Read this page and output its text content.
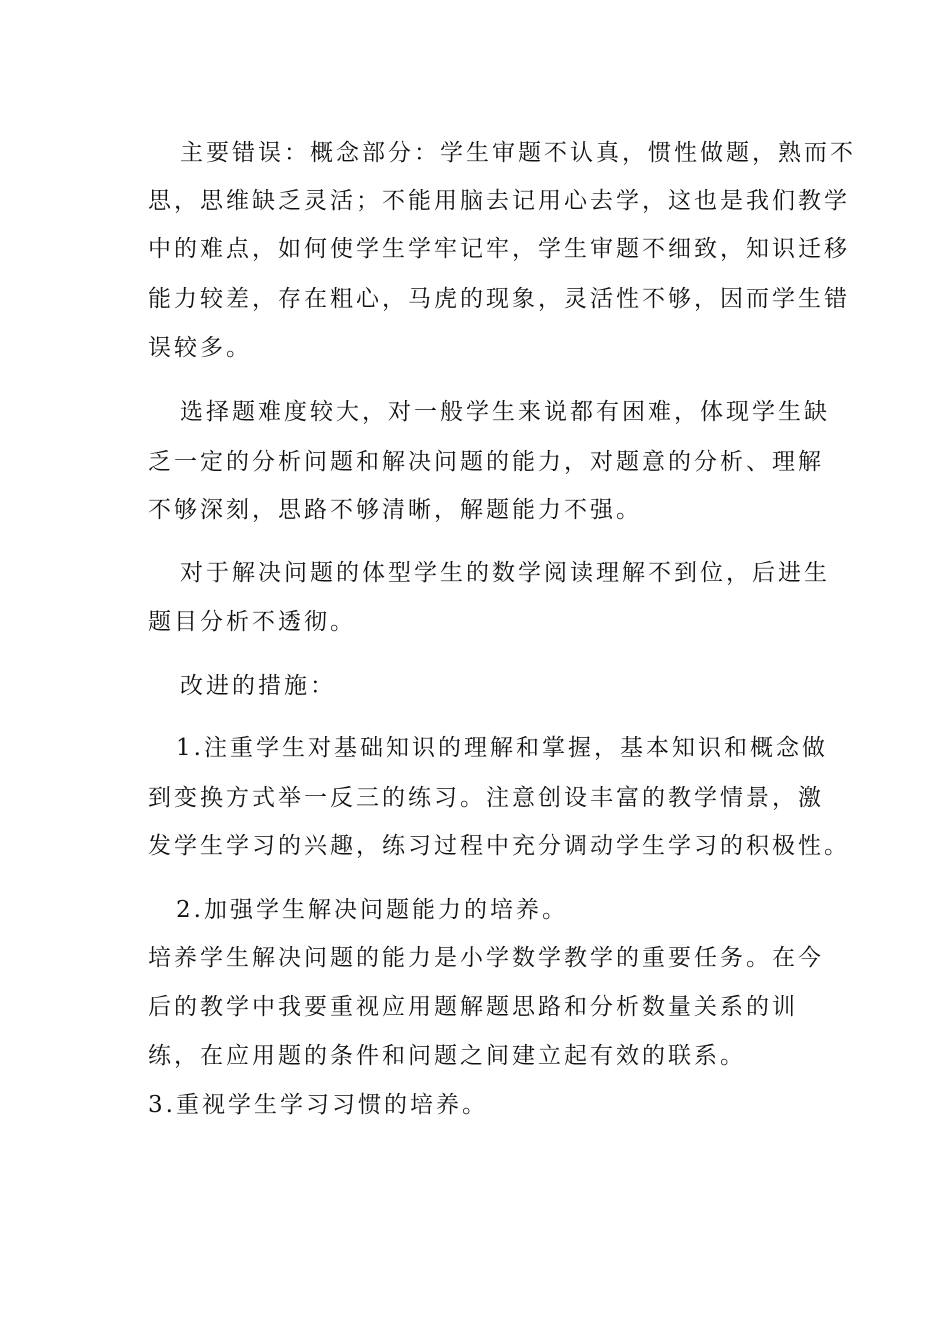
主要错误：概念部分：学生审题不认真，惯性做题，熟而不

思，思维缺乏灵活；不能用脑去记用心去学，这也是我们教学

中的难点，如何使学生学牢记牢，学生审题不细致，知识迁移

能力较差，存在粗心，马虎的现象，灵活性不够，因而学生错

误较多。

选择题难度较大，对一般学生来说都有困难，体现学生缺

乏一定的分析问题和解决问题的能力，对题意的分析、理解

不够深刻，思路不够清晰，解题能力不强。

对于解决问题的体型学生的数学阅读理解不到位，后进生

题目分析不透彻。

改进的措施：

1.注重学生对基础知识的理解和掌握，基本知识和概念做

到变换方式举一反三的练习。注意创设丰富的教学情景，激

发学生学习的兴趣，练习过程中充分调动学生学习的积极性。

2.加强学生解决问题能力的培养。

培养学生解决问题的能力是小学数学教学的重要任务。在今

后的教学中我要重视应用题解题思路和分析数量关系的训

练，在应用题的条件和问题之间建立起有效的联系。

3.重视学生学习习惯的培养。
